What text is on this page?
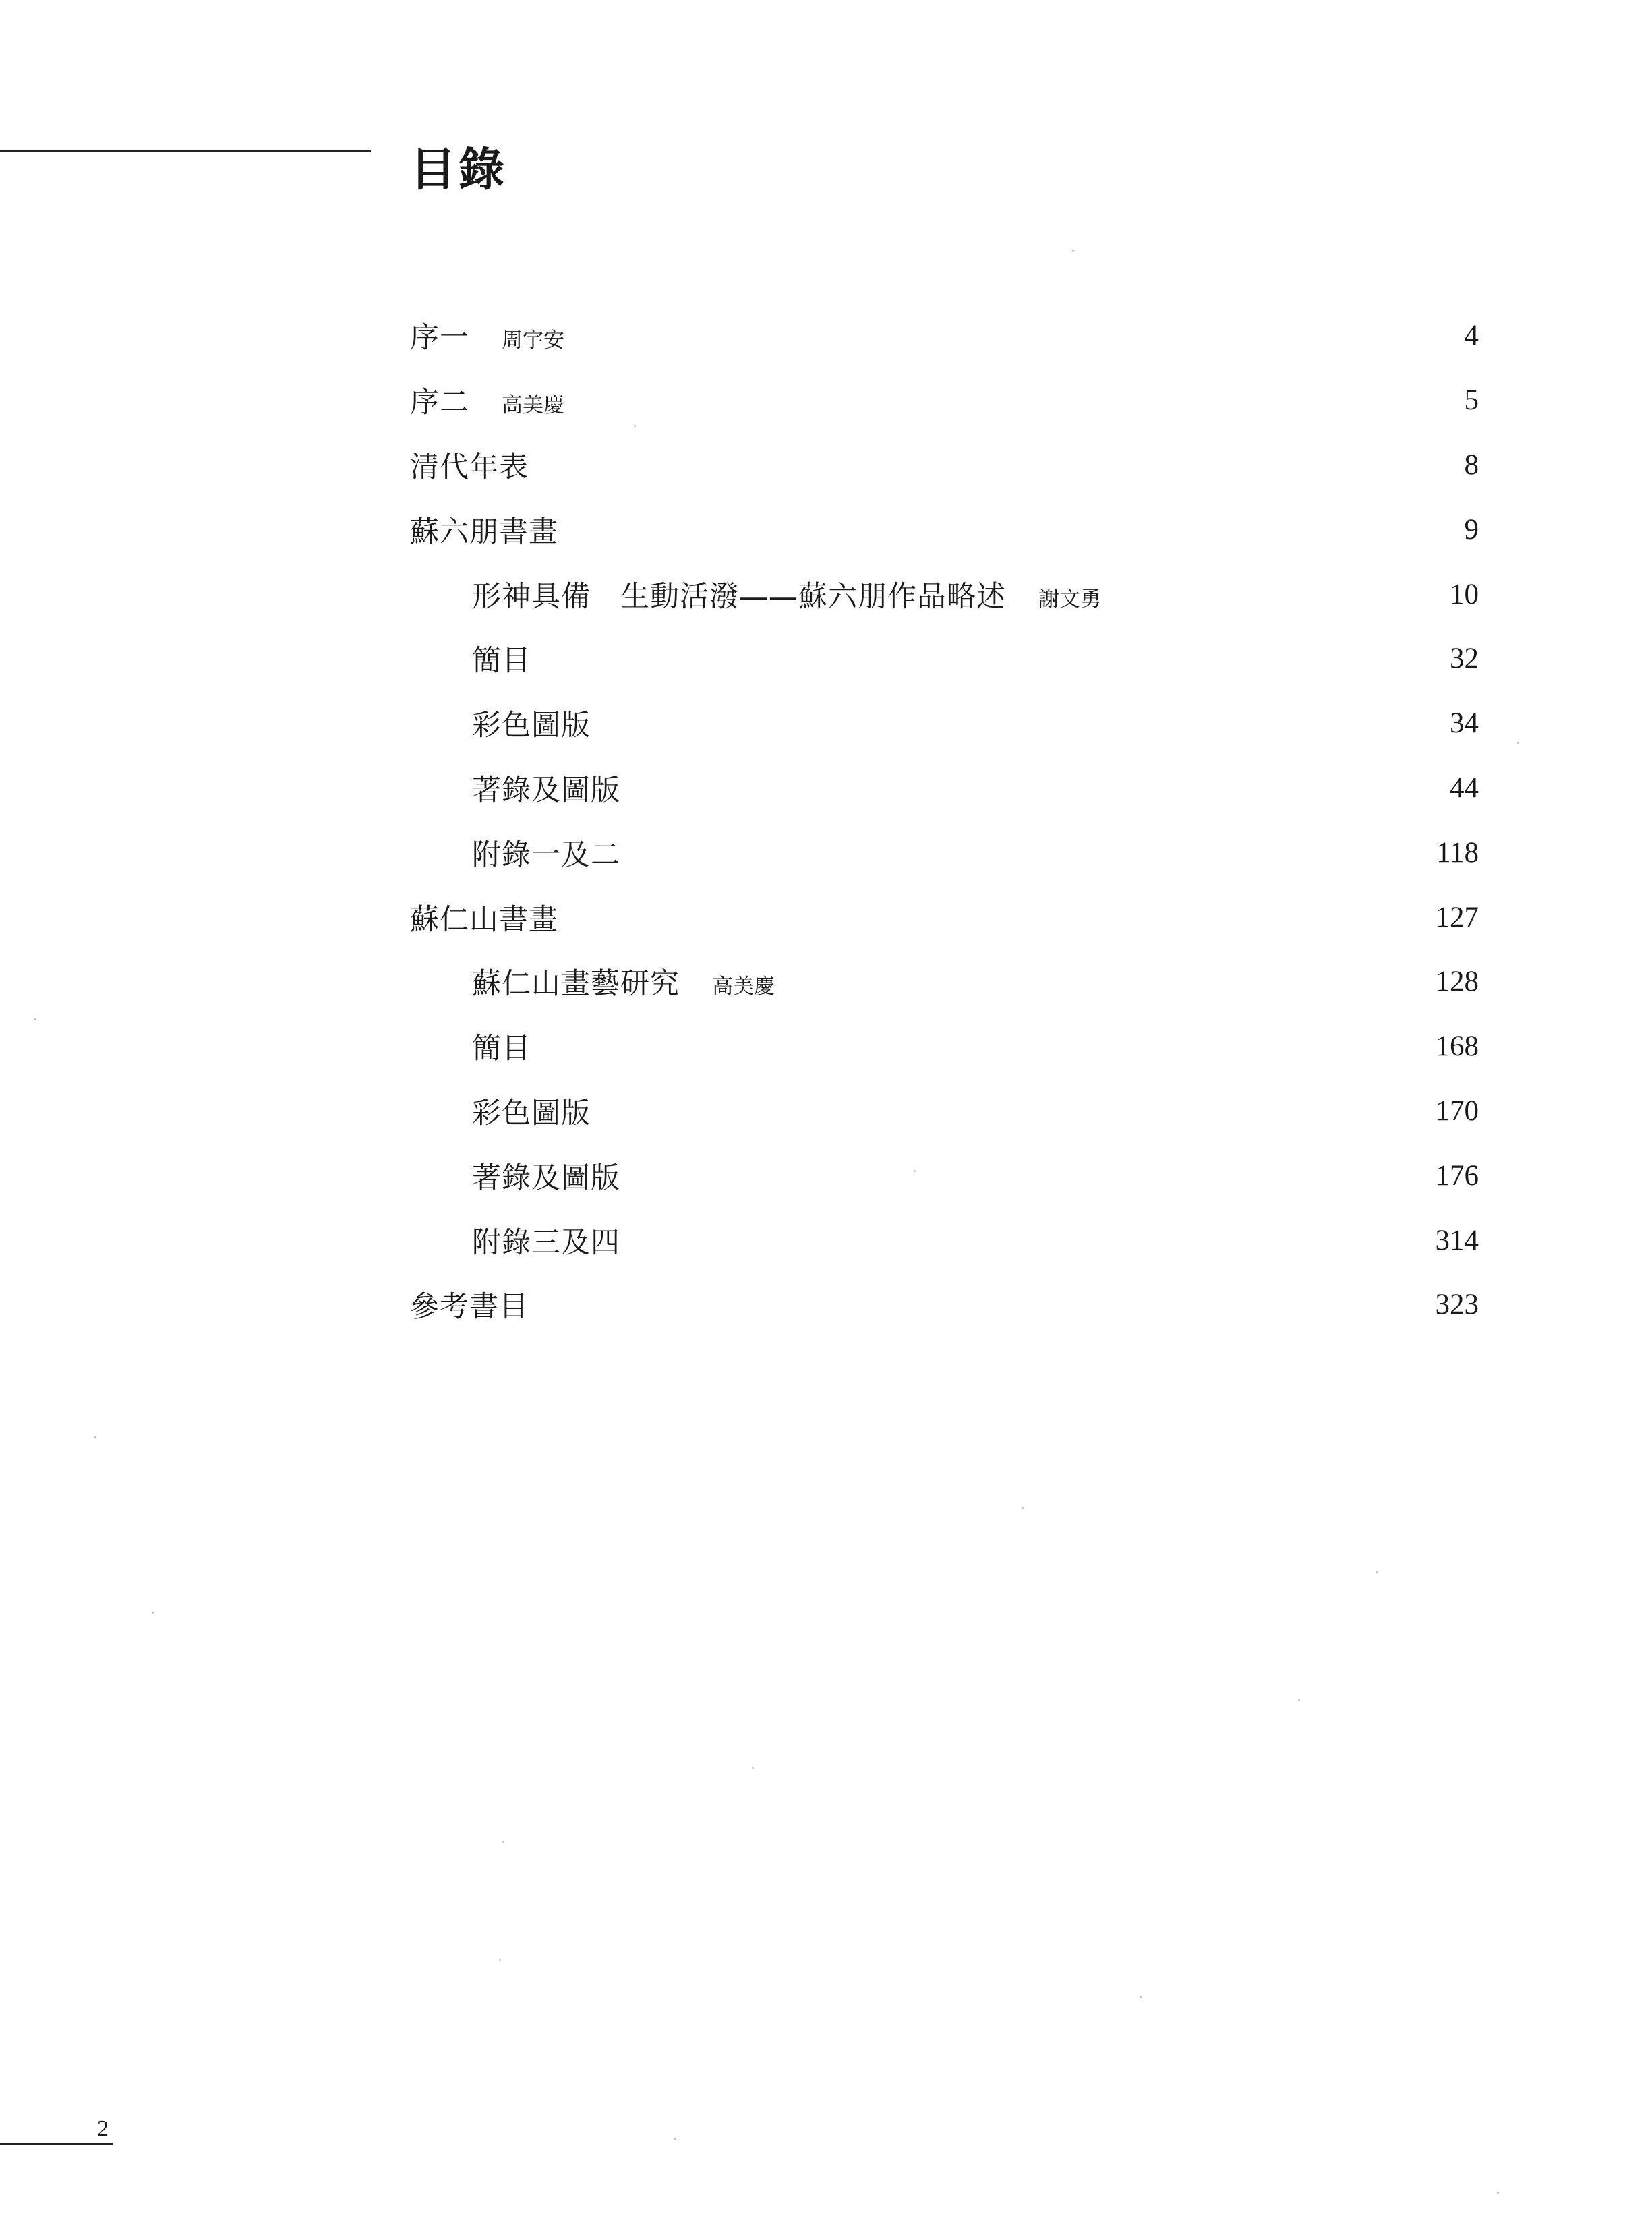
目錄
序一 周宇安	4
序二 高美慶	5
清代年表	8
蘇六朋書畫	9
形神具備　生動活潑——蘇六朋作品略述 謝文勇	10
簡目	32
彩色圖版	34
著錄及圖版	44
附錄一及二	118
蘇仁山書畫	127
蘇仁山畫藝研究 高美慶	128
簡目	168
彩色圖版	170
著錄及圖版	176
附錄三及四	314
參考書目	323
2
